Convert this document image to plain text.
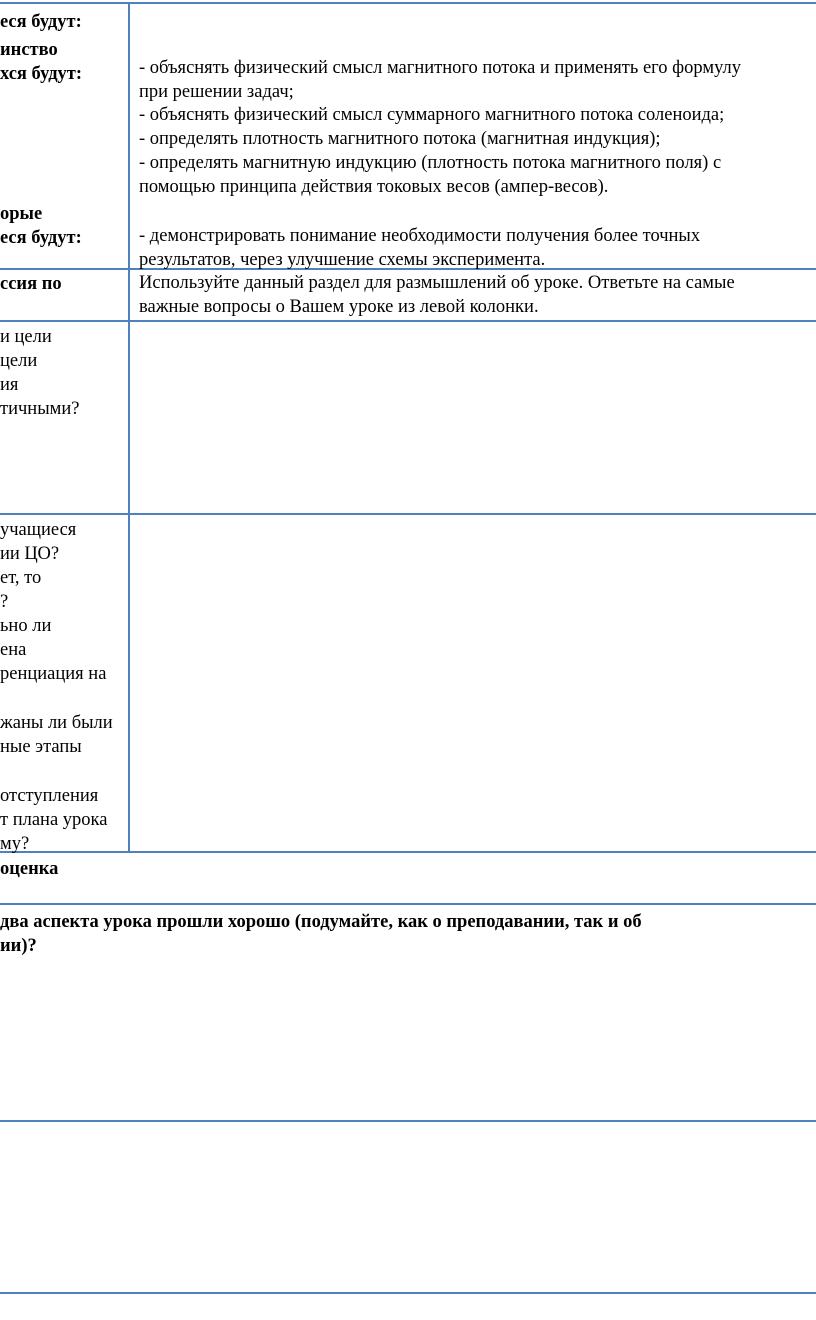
еся будут:
инство
хся будут:
орые
еся будут:
- объяснять физический смысл магнитного потока и применять его формулу
при решении задач;
- объяснять физический смысл суммарного магнитного потока соленоида;
- определять плотность магнитного потока (магнитная индукция);
- определять магнитную индукцию (плотность потока магнитного поля) с
помощью принципа действия токовых весов (ампер-весов).
- демонстрировать понимание необходимости получения более точных
результатов, через улучшение схемы эксперимента.
ссия по	Используйте данный раздел для размышлений об уроке. Ответьте на самые
важные вопросы о Вашем уроке из левой колонки.
и цели
цели
ия
тичными?
учащиеся
ии ЦО?
ет, то
?
ьно ли
ена
ренциация на
жаны ли были
ные этапы
отступления
т плана урока
му?
оценка
два аспекта урока прошли хорошо (подумайте, как о преподавании, так и об
ии)?
